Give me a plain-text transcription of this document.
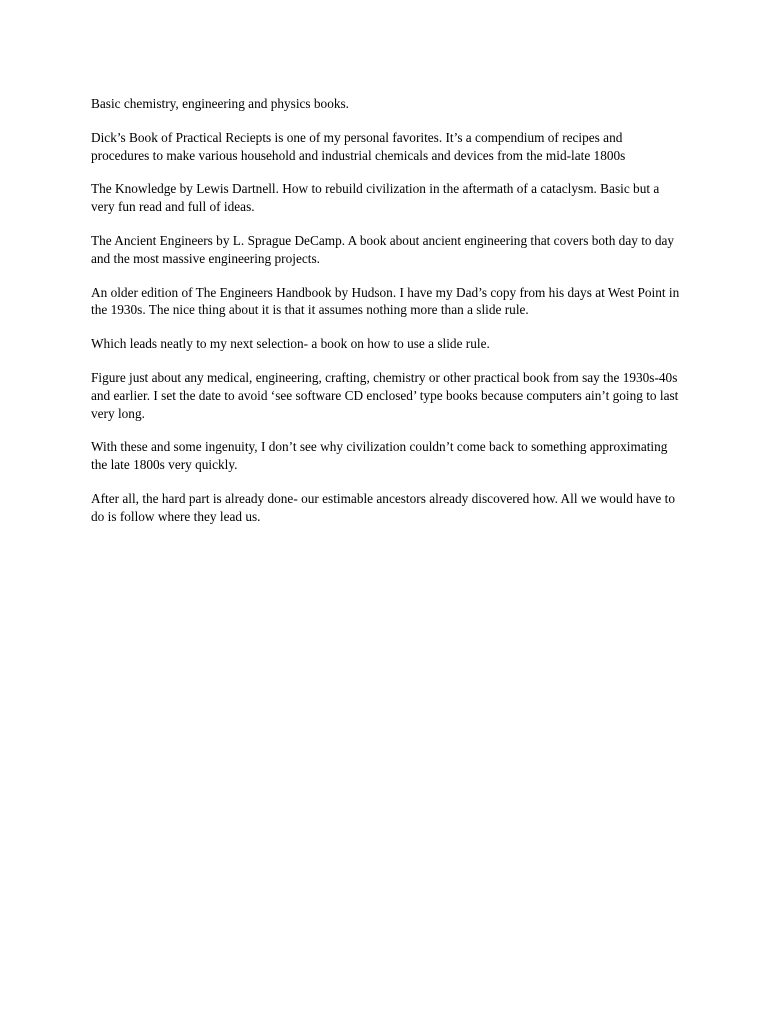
Basic chemistry, engineering and physics books.

Dick’s Book of Practical Reciepts is one of my personal favorites. It’s a compendium of recipes and procedures to make various household and industrial chemicals and devices from the mid-late 1800s

The Knowledge by Lewis Dartnell. How to rebuild civilization in the aftermath of a cataclysm. Basic but a very fun read and full of ideas.

The Ancient Engineers by L. Sprague DeCamp. A book about ancient engineering that covers both day to day and the most massive engineering projects.

An older edition of The Engineers Handbook by Hudson. I have my Dad’s copy from his days at West Point in the 1930s. The nice thing about it is that it assumes nothing more than a slide rule.

Which leads neatly to my next selection- a book on how to use a slide rule.

Figure just about any medical, engineering, crafting, chemistry or other practical book from say the 1930s-40s and earlier. I set the date to avoid ‘see software CD enclosed’ type books because computers ain’t going to last very long.

With these and some ingenuity, I don’t see why civilization couldn’t come back to something approximating the late 1800s very quickly.

After all, the hard part is already done- our estimable ancestors already discovered how. All we would have to do is follow where they lead us.
